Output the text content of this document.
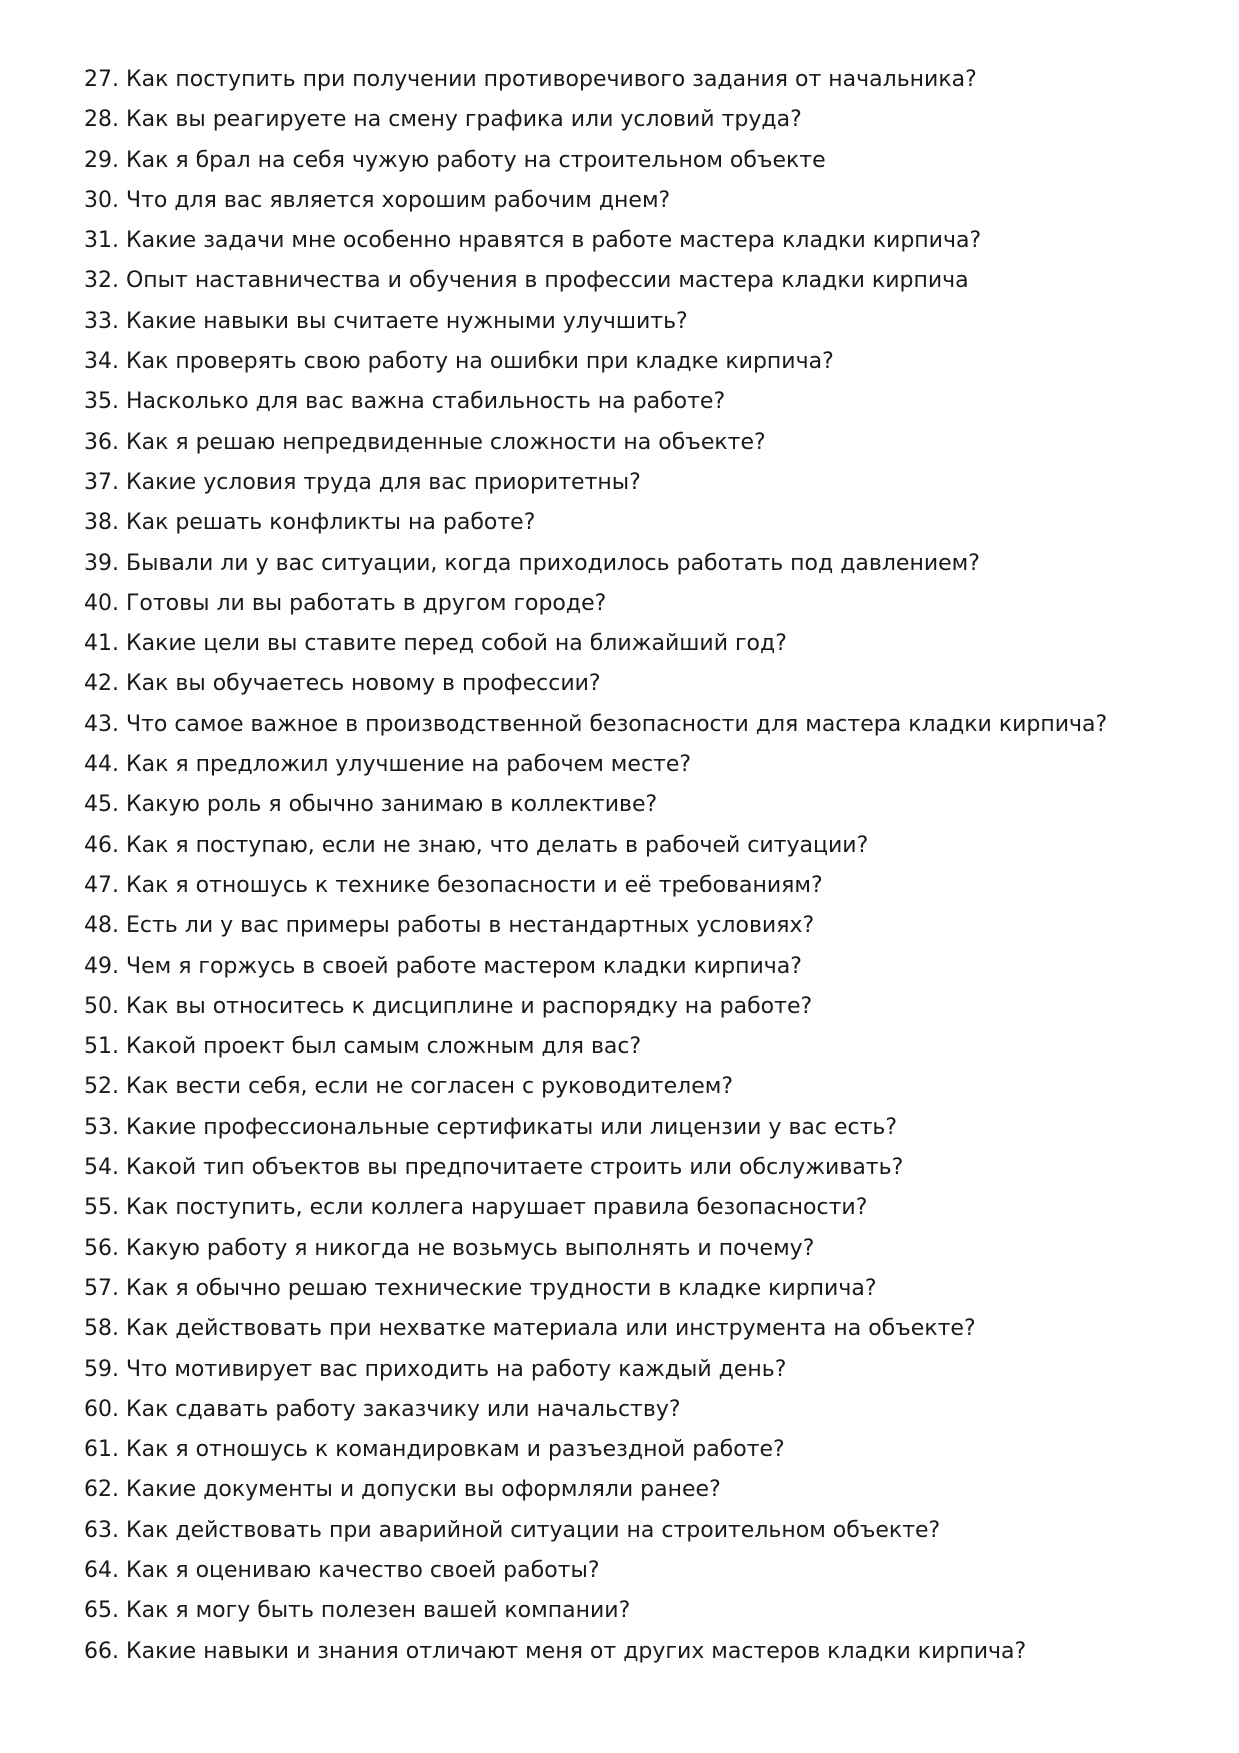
27. Как поступить при получении противоречивого задания от начальника?
28. Как вы реагируете на смену графика или условий труда?
29. Как я брал на себя чужую работу на строительном объекте
30. Что для вас является хорошим рабочим днем?
31. Какие задачи мне особенно нравятся в работе мастера кладки кирпича?
32. Опыт наставничества и обучения в профессии мастера кладки кирпича
33. Какие навыки вы считаете нужными улучшить?
34. Как проверять свою работу на ошибки при кладке кирпича?
35. Насколько для вас важна стабильность на работе?
36. Как я решаю непредвиденные сложности на объекте?
37. Какие условия труда для вас приоритетны?
38. Как решать конфликты на работе?
39. Бывали ли у вас ситуации, когда приходилось работать под давлением?
40. Готовы ли вы работать в другом городе?
41. Какие цели вы ставите перед собой на ближайший год?
42. Как вы обучаетесь новому в профессии?
43. Что самое важное в производственной безопасности для мастера кладки кирпича?
44. Как я предложил улучшение на рабочем месте?
45. Какую роль я обычно занимаю в коллективе?
46. Как я поступаю, если не знаю, что делать в рабочей ситуации?
47. Как я отношусь к технике безопасности и её требованиям?
48. Есть ли у вас примеры работы в нестандартных условиях?
49. Чем я горжусь в своей работе мастером кладки кирпича?
50. Как вы относитесь к дисциплине и распорядку на работе?
51. Какой проект был самым сложным для вас?
52. Как вести себя, если не согласен с руководителем?
53. Какие профессиональные сертификаты или лицензии у вас есть?
54. Какой тип объектов вы предпочитаете строить или обслуживать?
55. Как поступить, если коллега нарушает правила безопасности?
56. Какую работу я никогда не возьмусь выполнять и почему?
57. Как я обычно решаю технические трудности в кладке кирпича?
58. Как действовать при нехватке материала или инструмента на объекте?
59. Что мотивирует вас приходить на работу каждый день?
60. Как сдавать работу заказчику или начальству?
61. Как я отношусь к командировкам и разъездной работе?
62. Какие документы и допуски вы оформляли ранее?
63. Как действовать при аварийной ситуации на строительном объекте?
64. Как я оцениваю качество своей работы?
65. Как я могу быть полезен вашей компании?
66. Какие навыки и знания отличают меня от других мастеров кладки кирпича?
